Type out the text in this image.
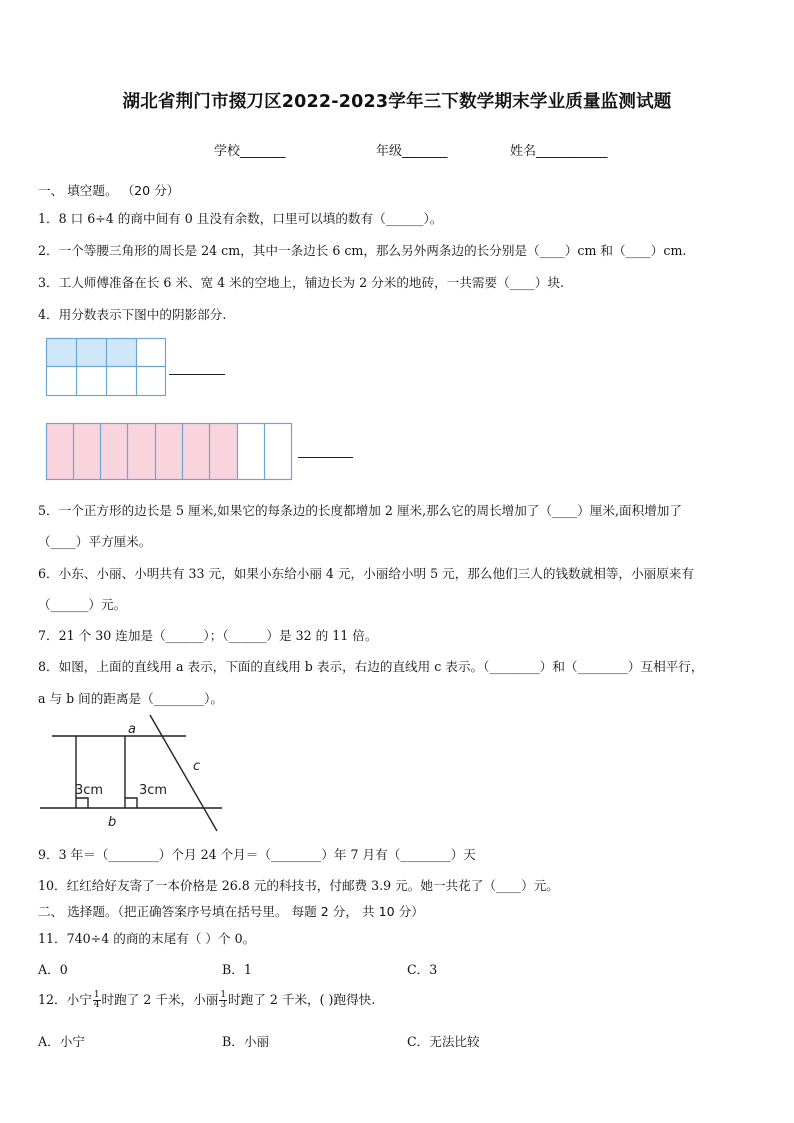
湖北省荆门市掇刀区2022-2023学年三下数学期末学业质量监测试题
学校_______	年级_______	姓名___________
一、 填空题。 （20 分）
1．8 口 6÷4 的商中间有 0 且没有余数，口里可以填的数有（______）。
2．一个等腰三角形的周长是 24 cm，其中一条边长 6 cm，那么另外两条边的长分别是（____）cm 和（____）cm.
3．工人师傅准备在长 6 米、宽 4 米的空地上，铺边长为 2 分米的地砖，一共需要（____）块.
4．用分数表示下图中的阴影部分.
5．一个正方形的边长是 5 厘米,如果它的每条边的长度都增加 2 厘米,那么它的周长增加了（____）厘米,面积增加了
（____）平方厘米。
6．小东、小丽、小明共有 33 元，如果小东给小丽 4 元，小丽给小明 5 元，那么他们三人的钱数就相等，小丽原来有
（______）元。
7．21 个 30 连加是（______）；（______）是 32 的 11 倍。
8．如图，上面的直线用 a 表示，下面的直线用 b 表示，右边的直线用 c 表示。（________）和（________）互相平行，
a 与 b 间的距离是（________）。
a
b
c
3cm	3cm
9．3 年＝（________）个月 24 个月＝（________）年 7 月有（________）天
10．红红给好友寄了一本价格是 26.8 元的科技书，付邮费 3.9 元。她一共花了（____）元。
二、 选择题。（把正确答案序号填在括号里。 每题 2 分， 共 10 分）
11．740÷4 的商的末尾有（ ）个 0。
A．0	B．1	C．3
12．小宁 $\frac{1}{4}$ 时跑了 2 千米，小丽 $\frac{1}{3}$ 时跑了 2 千米，( )跑得快.
A．小宁	B．小丽	C．无法比较
